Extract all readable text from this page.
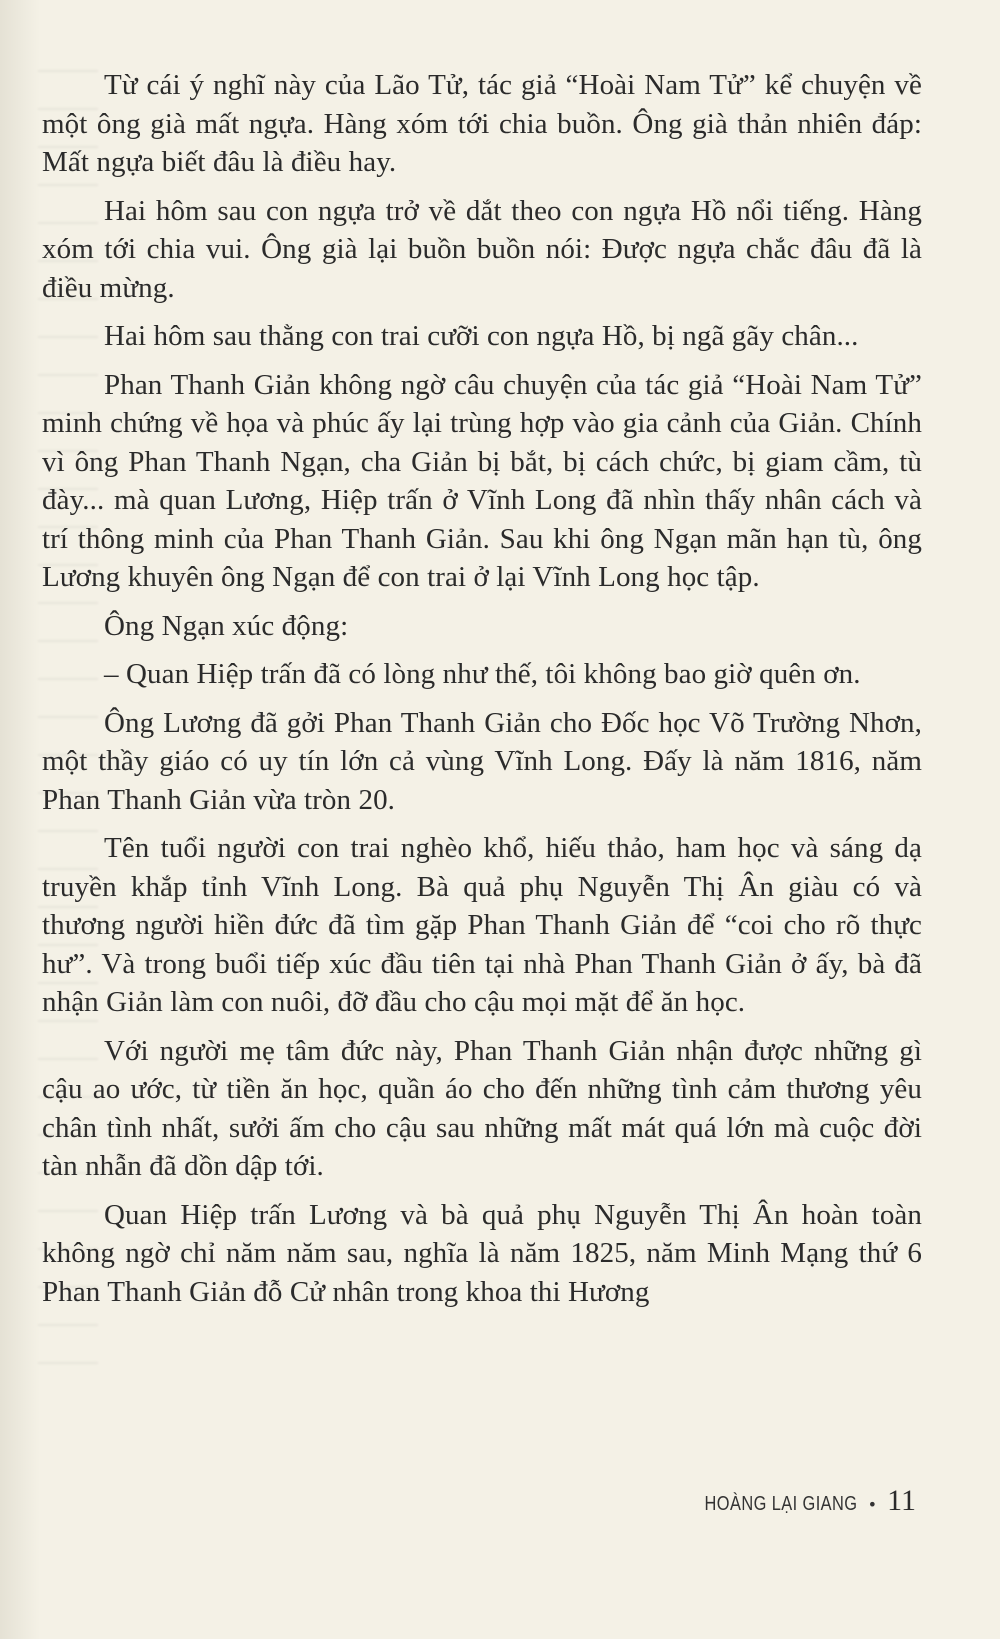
Từ cái ý nghĩ này của Lão Tử, tác giả “Hoài Nam Tử” kể chuyện về một ông già mất ngựa. Hàng xóm tới chia buồn. Ông già thản nhiên đáp: Mất ngựa biết đâu là điều hay.

Hai hôm sau con ngựa trở về dắt theo con ngựa Hồ nổi tiếng. Hàng xóm tới chia vui. Ông già lại buồn buồn nói: Được ngựa chắc đâu đã là điều mừng.

Hai hôm sau thằng con trai cưỡi con ngựa Hồ, bị ngã gãy chân...

Phan Thanh Giản không ngờ câu chuyện của tác giả “Hoài Nam Tử” minh chứng về họa và phúc ấy lại trùng hợp vào gia cảnh của Giản. Chính vì ông Phan Thanh Ngạn, cha Giản bị bắt, bị cách chức, bị giam cầm, tù đày... mà quan Lương, Hiệp trấn ở Vĩnh Long đã nhìn thấy nhân cách và trí thông minh của Phan Thanh Giản. Sau khi ông Ngạn mãn hạn tù, ông Lương khuyên ông Ngạn để con trai ở lại Vĩnh Long học tập.

Ông Ngạn xúc động:

– Quan Hiệp trấn đã có lòng như thế, tôi không bao giờ quên ơn.

Ông Lương đã gởi Phan Thanh Giản cho Đốc học Võ Trường Nhơn, một thầy giáo có uy tín lớn cả vùng Vĩnh Long. Đấy là năm 1816, năm Phan Thanh Giản vừa tròn 20.

Tên tuổi người con trai nghèo khổ, hiếu thảo, ham học và sáng dạ truyền khắp tỉnh Vĩnh Long. Bà quả phụ Nguyễn Thị Ân giàu có và thương người hiền đức đã tìm gặp Phan Thanh Giản để “coi cho rõ thực hư”. Và trong buổi tiếp xúc đầu tiên tại nhà Phan Thanh Giản ở ấy, bà đã nhận Giản làm con nuôi, đỡ đầu cho cậu mọi mặt để ăn học.

Với người mẹ tâm đức này, Phan Thanh Giản nhận được những gì cậu ao ước, từ tiền ăn học, quần áo cho đến những tình cảm thương yêu chân tình nhất, sưởi ấm cho cậu sau những mất mát quá lớn mà cuộc đời tàn nhẫn đã dồn dập tới.

Quan Hiệp trấn Lương và bà quả phụ Nguyễn Thị Ân hoàn toàn không ngờ chỉ năm năm sau, nghĩa là năm 1825, năm Minh Mạng thứ 6 Phan Thanh Giản đỗ Cử nhân trong khoa thi Hương

HOÀNG LẠI GIANG • 11
